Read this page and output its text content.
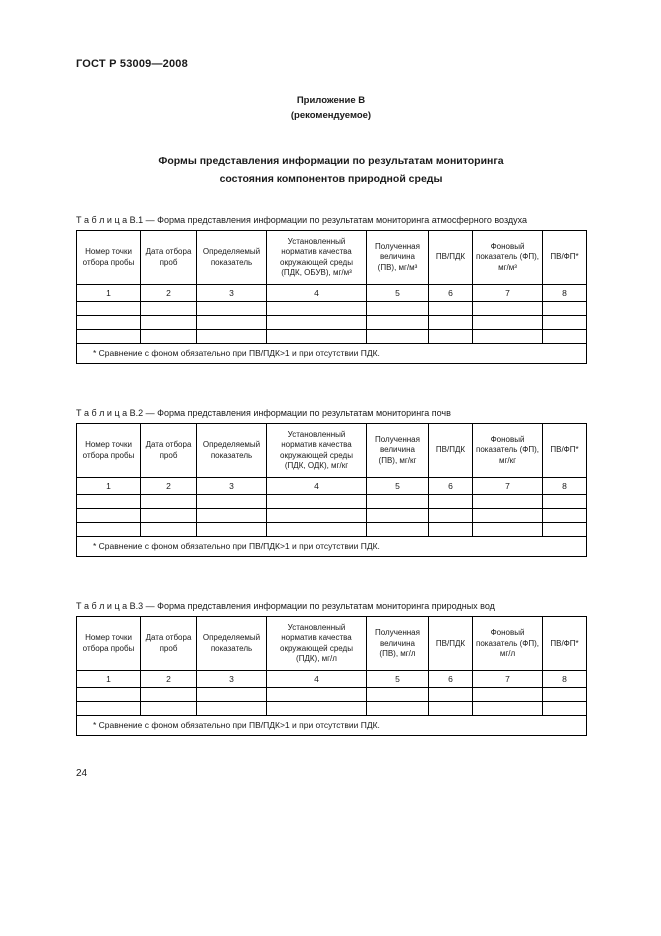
ГОСТ Р 53009—2008
Приложение В
(рекомендуемое)
Формы представления информации по результатам мониторинга
состояния компонентов природной среды
Т а б л и ц а В.1 — Форма представления информации по результатам мониторинга атмосферного воздуха
Номер точки отбора пробы	Дата отбора проб	Определяемый показатель	Установленный норматив качества окружающей среды (ПДК, ОБУВ), мг/м³	Полученная величина (ПВ), мг/м³	ПВ/ПДК	Фоновый показатель (ФП), мг/м³	ПВ/ФП*
1	2	3	4	5	6	7	8

* Сравнение с фоном обязательно при ПВ/ПДК>1 и при отсутствии ПДК.							
Т а б л и ц а В.2 — Форма представления информации по результатам мониторинга почв
Номер точки отбора пробы	Дата отбора проб	Определяемый показатель	Установленный норматив качества окружающей среды (ПДК, ОДК), мг/кг	Полученная величина (ПВ), мг/кг	ПВ/ПДК	Фоновый показатель (ФП), мг/кг	ПВ/ФП*
1	2	3	4	5	6	7	8

* Сравнение с фоном обязательно при ПВ/ПДК>1 и при отсутствии ПДК.							
Т а б л и ц а В.3 — Форма представления информации по результатам мониторинга природных вод
Номер точки отбора пробы	Дата отбора проб	Определяемый показатель	Установленный норматив качества окружающей среды (ПДК), мг/л	Полученная величина (ПВ), мг/л	ПВ/ПДК	Фоновый показатель (ФП), мг/л	ПВ/ФП*
1	2	3	4	5	6	7	8

* Сравнение с фоном обязательно при ПВ/ПДК>1 и при отсутствии ПДК.							
24
